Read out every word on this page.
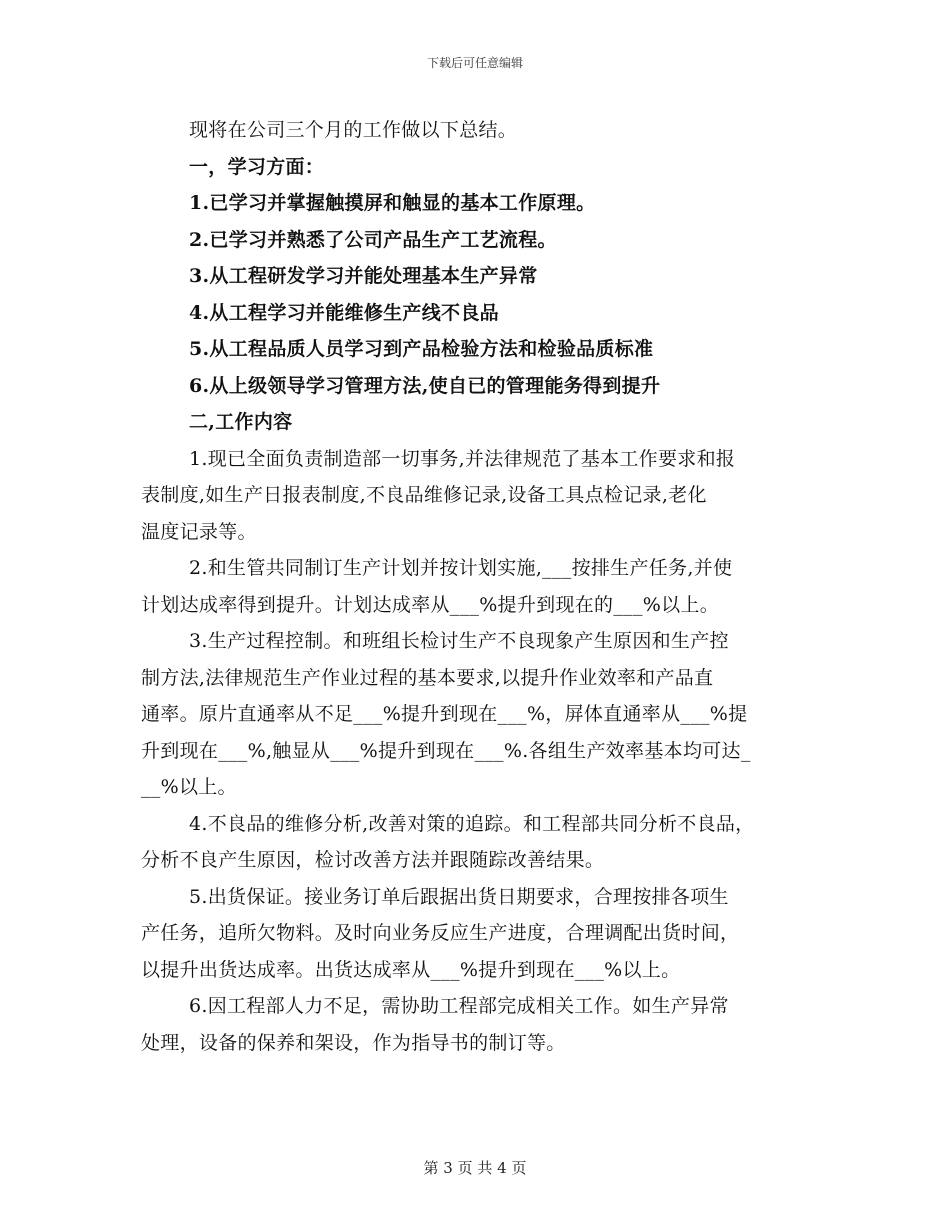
下载后可任意编辑
现将在公司三个月的工作做以下总结。
一，学习方面：
1.已学习并掌握触摸屏和触显的基本工作原理。
2.已学习并熟悉了公司产品生产工艺流程。
3.从工程研发学习并能处理基本生产异常
4.从工程学习并能维修生产线不良品
5.从工程品质人员学习到产品检验方法和检验品质标准
6.从上级领导学习管理方法,使自已的管理能务得到提升
二,工作内容
1.现已全面负责制造部一切事务,并法律规范了基本工作要求和报
表制度,如生产日报表制度,不良品维修记录,设备工具点检记录,老化
温度记录等。
2.和生管共同制订生产计划并按计划实施,___按排生产任务,并使
计划达成率得到提升。计划达成率从___%提升到现在的___%以上。
3.生产过程控制。和班组长检讨生产不良现象产生原因和生产控
制方法,法律规范生产作业过程的基本要求,以提升作业效率和产品直
通率。原片直通率从不足___%提升到现在___%，屏体直通率从___%提
升到现在___%,触显从___%提升到现在___%.各组生产效率基本均可达_
__%以上。
4.不良品的维修分析,改善对策的追踪。和工程部共同分析不良品，
分析不良产生原因，检讨改善方法并跟随踪改善结果。
5.出货保证。接业务订单后跟据出货日期要求，合理按排各项生
产任务，追所欠物料。及时向业务反应生产进度，合理调配出货时间，
以提升出货达成率。出货达成率从___%提升到现在___%以上。
6.因工程部人力不足，需协助工程部完成相关工作。如生产异常
处理，设备的保养和架设，作为指导书的制订等。
第 3 页 共 4 页
